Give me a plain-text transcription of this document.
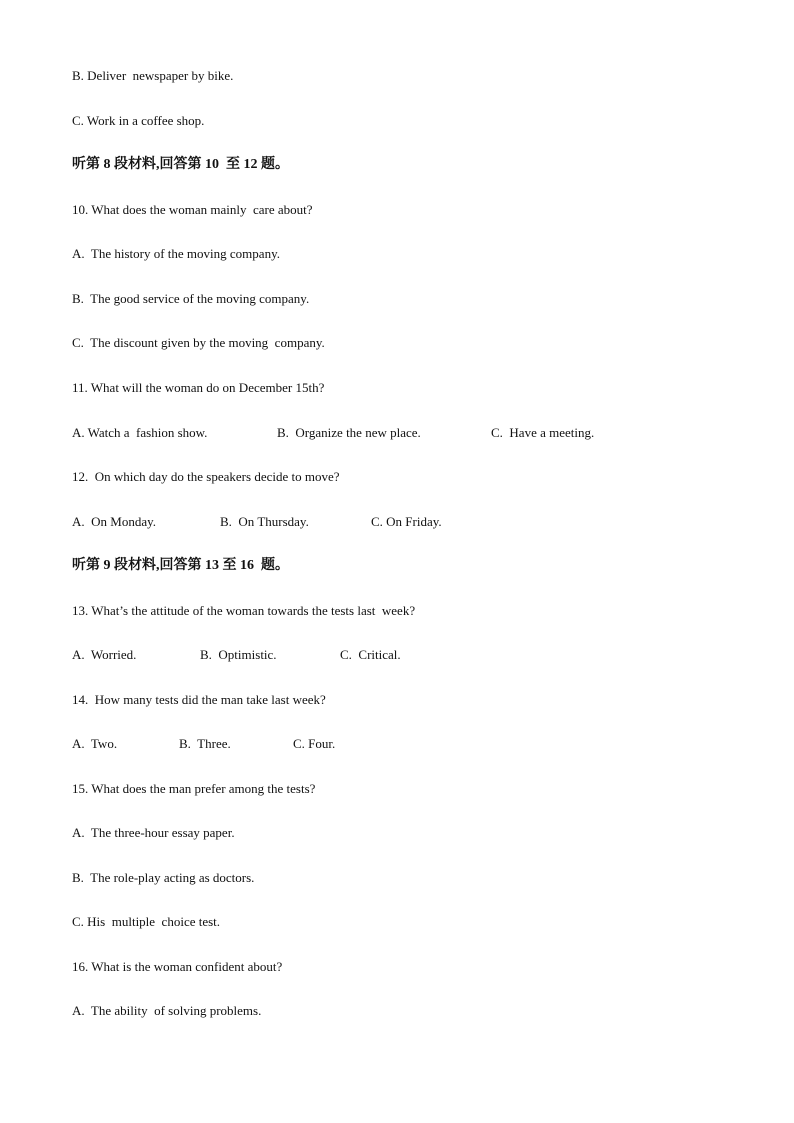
B. Deliver  newspaper by bike.
C. Work in a coffee shop.
听第 8 段材料,回答第 10  至 12 题。
10. What does the woman mainly  care about?
A.  The history of the moving company.
B.  The good service of the moving company.
C.  The discount given by the moving  company.
11. What will the woman do on December 15th?
A. Watch a  fashion show.	B.  Organize the new place.	C.  Have a meeting.
12.  On which day do the speakers decide to move?
A.  On Monday.	B.  On Thursday.	C. On Friday.
听第 9 段材料,回答第 13 至 16  题。
13. What’s the attitude of the woman towards the tests last  week?
A.  Worried.	B.  Optimistic.	C.  Critical.
14.  How many tests did the man take last week?
A.  Two.	B.  Three.	C. Four.
15. What does the man prefer among the tests?
A.  The three-hour essay paper.
B.  The role-play acting as doctors.
C. His  multiple  choice test.
16. What is the woman confident about?
A.  The ability  of solving problems.
